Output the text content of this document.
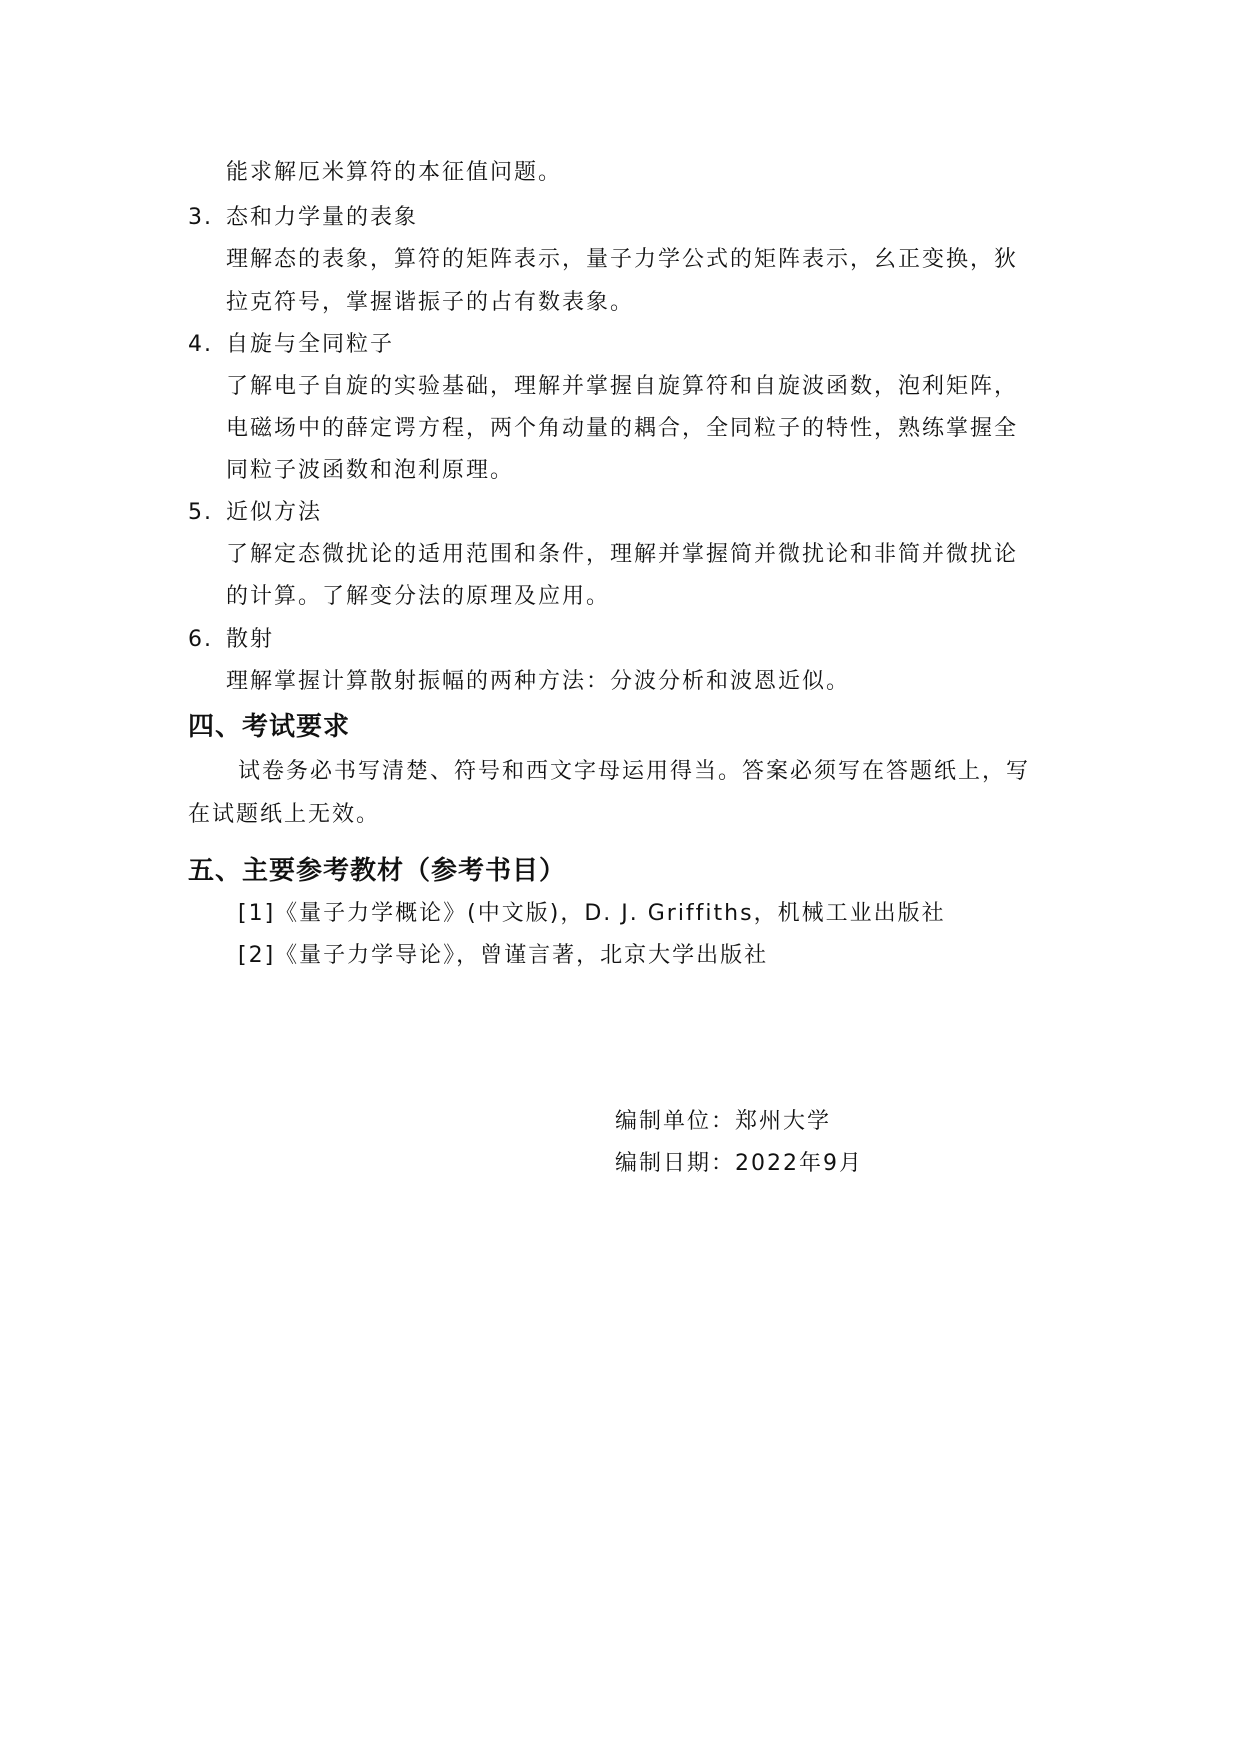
能求解厄米算符的本征值问题。
3. 态和力学量的表象
理解态的表象，算符的矩阵表示，量子力学公式的矩阵表示，幺正变换，狄
拉克符号，掌握谐振子的占有数表象。
4. 自旋与全同粒子
了解电子自旋的实验基础，理解并掌握自旋算符和自旋波函数，泡利矩阵，
电磁场中的薛定谔方程，两个角动量的耦合，全同粒子的特性，熟练掌握全
同粒子波函数和泡利原理。
5. 近似方法
了解定态微扰论的适用范围和条件，理解并掌握简并微扰论和非简并微扰论
的计算。了解变分法的原理及应用。
6. 散射
理解掌握计算散射振幅的两种方法：分波分析和波恩近似。
四、考试要求
试卷务必书写清楚、符号和西文字母运用得当。答案必须写在答题纸上，写
在试题纸上无效。
五、主要参考教材（参考书目）
[1]《量子力学概论》(中文版)，D. J. Griffiths，机械工业出版社
[2]《量子力学导论》，曾谨言著，北京大学出版社
编制单位：郑州大学
编制日期：2022年9月
